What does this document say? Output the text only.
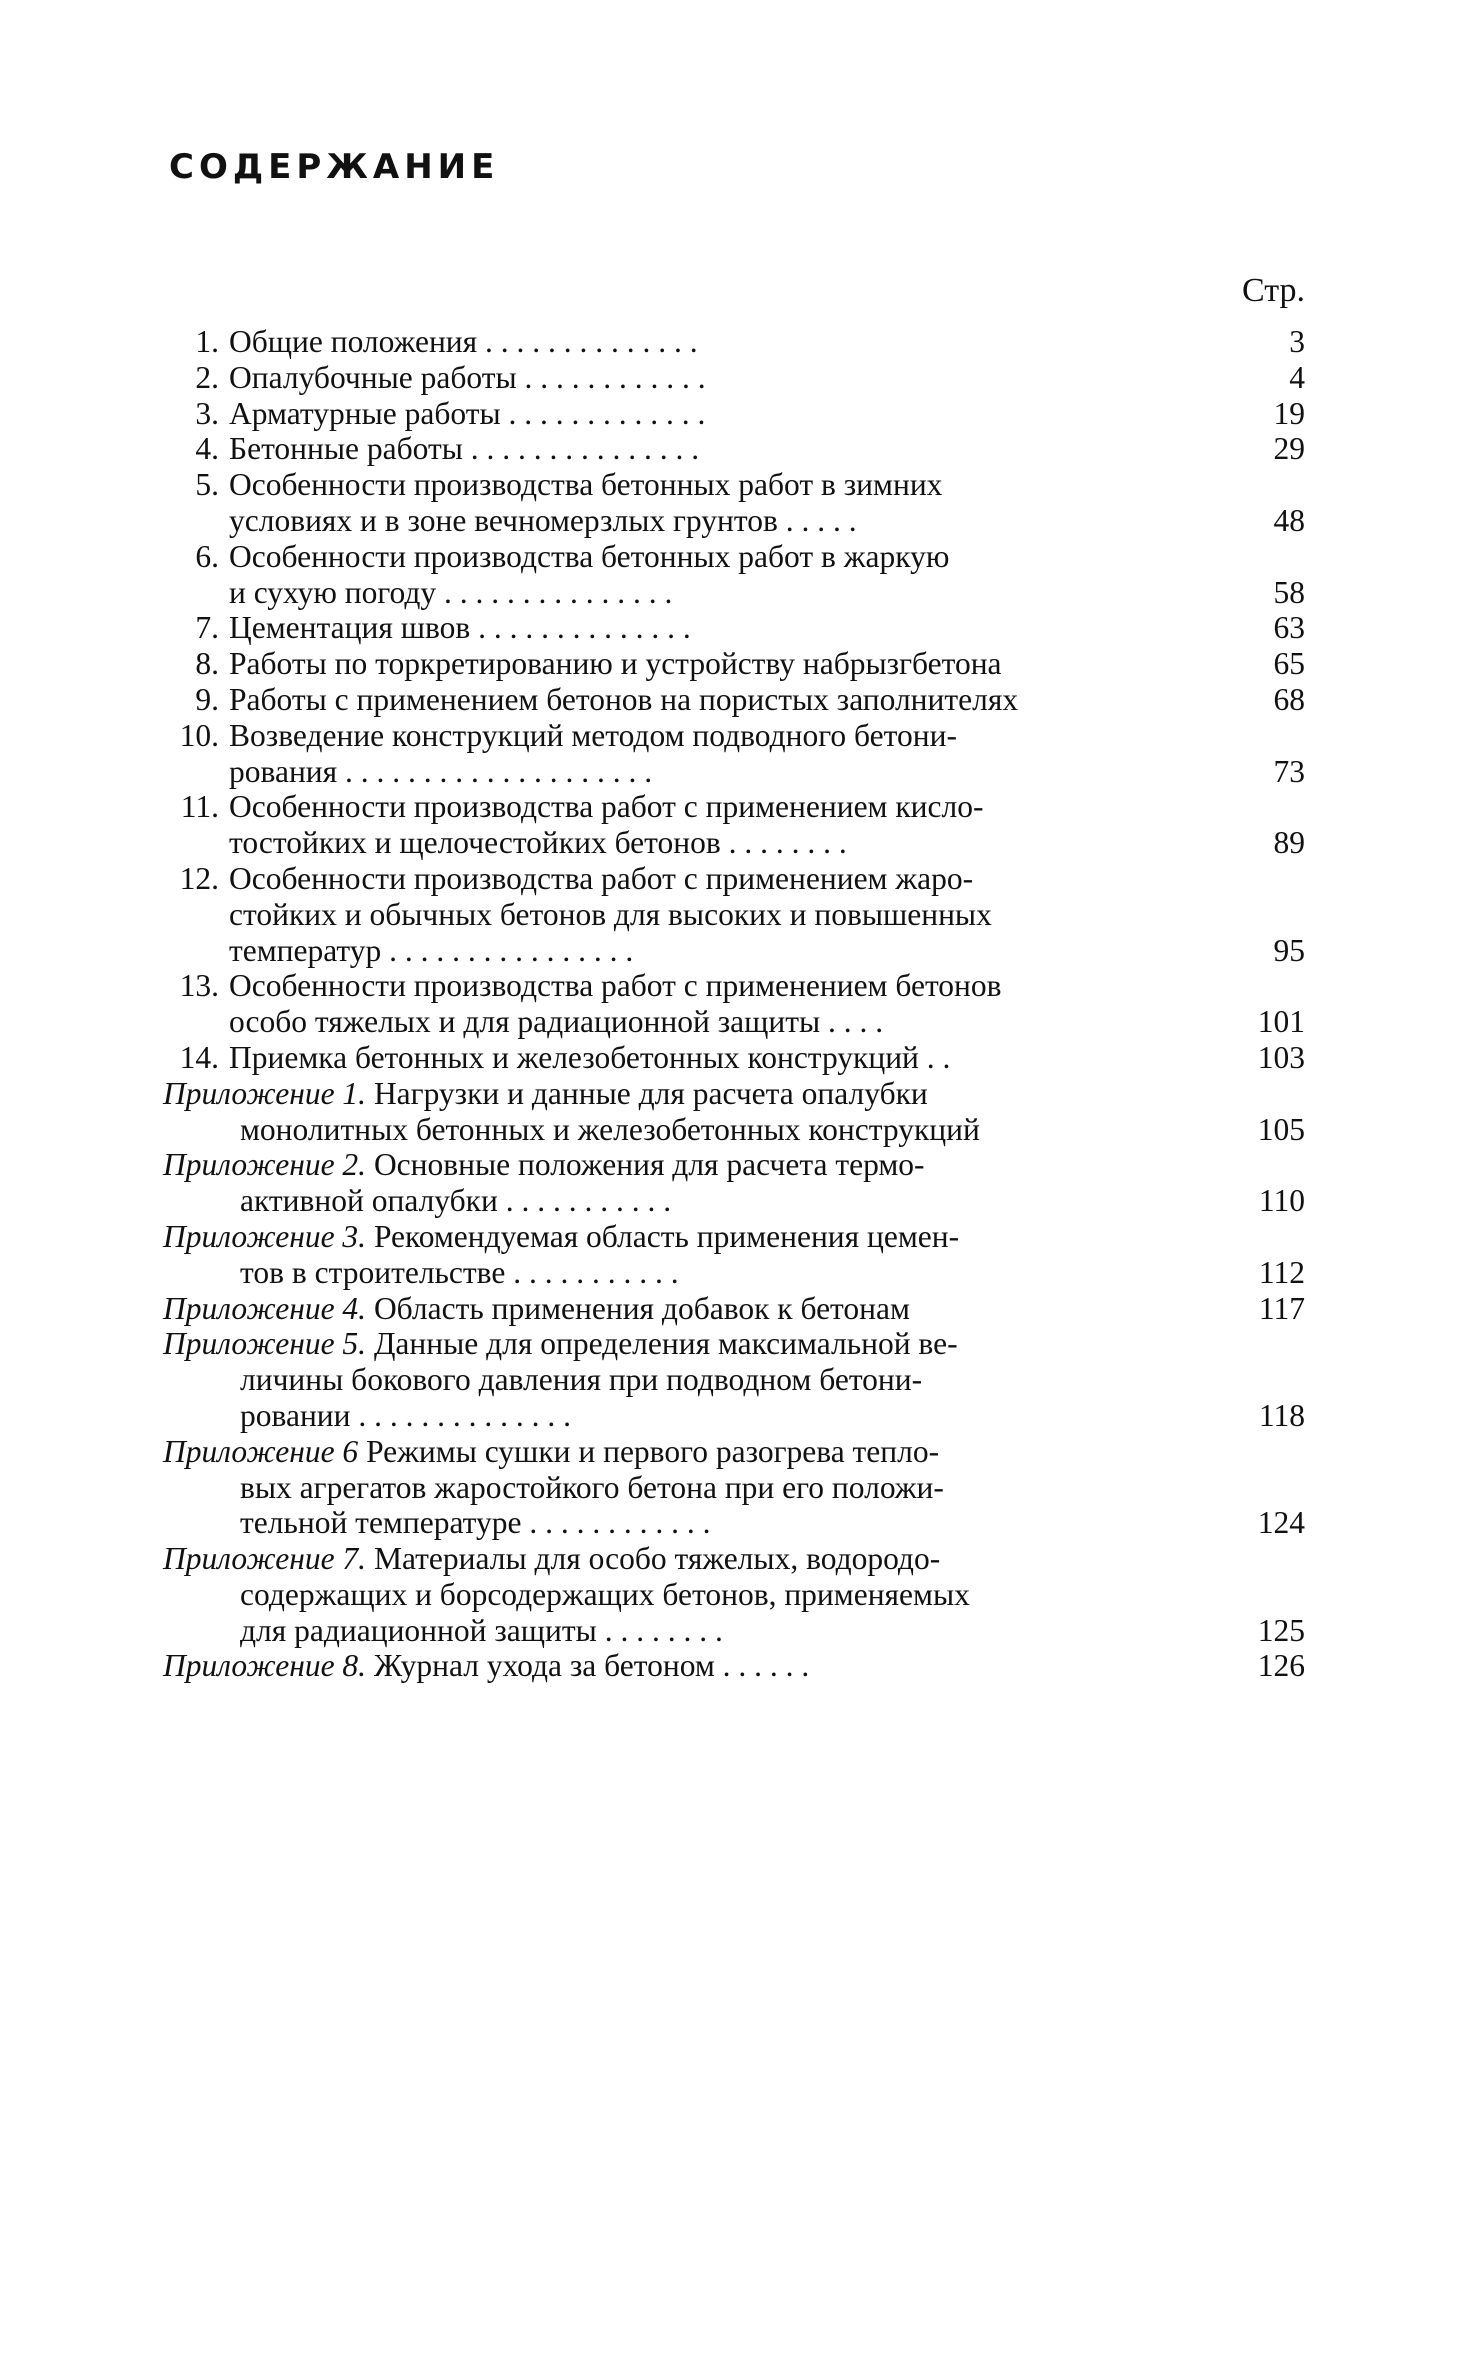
СОДЕРЖАНИЕ
Стр.
1. Общие положения . . . . . . . . . . . . . .	3
2. Опалубочные работы . . . . . . . . . . . .	4
3. Арматурные работы . . . . . . . . . . . . .	19
4. Бетонные работы . . . . . . . . . . . . . . .	29
5. Особенности производства бетонных работ в зимних
условиях и в зоне вечномерзлых грунтов . . . . .	48
6. Особенности производства бетонных работ в жаркую
и сухую погоду . . . . . . . . . . . . . . .	58
7. Цементация швов . . . . . . . . . . . . . .	63
8. Работы по торкретированию и устройству набрызгбетона	65
9. Работы с применением бетонов на пористых заполнителях	68
10. Возведение конструкций методом подводного бетони-
рования . . . . . . . . . . . . . . . . . . . .	73
11. Особенности производства работ с применением кисло-
тостойких и щелочестойких бетонов . . . . . . . .	89
12. Особенности производства работ с применением жаро-
стойких и обычных бетонов для высоких и повышенных
температур . . . . . . . . . . . . . . . .	95
13. Особенности производства работ с применением бетонов
особо тяжелых и для радиационной защиты . . . .	101
14. Приемка бетонных и железобетонных конструкций . .	103
Приложение 1. Нагрузки и данные для расчета опалубки
монолитных бетонных и железобетонных конструкций	105
Приложение 2. Основные положения для расчета термо-
активной опалубки . . . . . . . . . . .	110
Приложение 3. Рекомендуемая область применения цемен-
тов в строительстве . . . . . . . . . . .	112
Приложение 4. Область применения добавок к бетонам	117
Приложение 5. Данные для определения максимальной ве-
личины бокового давления при подводном бетони-
ровании . . . . . . . . . . . . . .	118
Приложение 6 Режимы сушки и первого разогрева тепло-
вых агрегатов жаростойкого бетона при его положи-
тельной температуре . . . . . . . . . . . .	124
Приложение 7. Материалы для особо тяжелых, водородо-
содержащих и борсодержащих бетонов, применяемых
для радиационной защиты . . . . . . . .	125
Приложение 8. Журнал ухода за бетоном . . . . . .	126
